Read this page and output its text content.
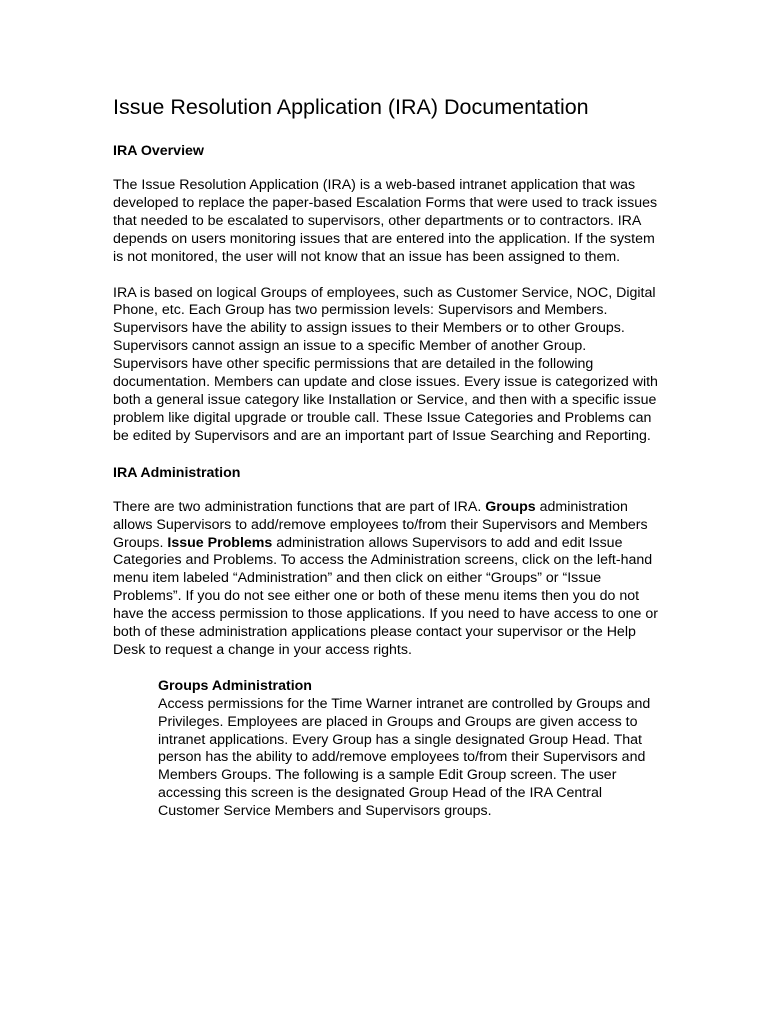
Issue Resolution Application (IRA) Documentation
IRA Overview

The Issue Resolution Application (IRA) is a web-based intranet application that was developed to replace the paper-based Escalation Forms that were used to track issues that needed to be escalated to supervisors, other departments or to contractors. IRA depends on users monitoring issues that are entered into the application. If the system is not monitored, the user will not know that an issue has been assigned to them.

IRA is based on logical Groups of employees, such as Customer Service, NOC, Digital Phone, etc. Each Group has two permission levels: Supervisors and Members. Supervisors have the ability to assign issues to their Members or to other Groups. Supervisors cannot assign an issue to a specific Member of another Group. Supervisors have other specific permissions that are detailed in the following documentation. Members can update and close issues. Every issue is categorized with both a general issue category like Installation or Service, and then with a specific issue problem like digital upgrade or trouble call. These Issue Categories and Problems can be edited by Supervisors and are an important part of Issue Searching and Reporting.

IRA Administration

There are two administration functions that are part of IRA. Groups administration allows Supervisors to add/remove employees to/from their Supervisors and Members Groups. Issue Problems administration allows Supervisors to add and edit Issue Categories and Problems. To access the Administration screens, click on the left-hand menu item labeled “Administration” and then click on either “Groups” or “Issue Problems”. If you do not see either one or both of these menu items then you do not have the access permission to those applications. If you need to have access to one or both of these administration applications please contact your supervisor or the Help Desk to request a change in your access rights.

Groups Administration

Access permissions for the Time Warner intranet are controlled by Groups and Privileges. Employees are placed in Groups and Groups are given access to intranet applications. Every Group has a single designated Group Head. That person has the ability to add/remove employees to/from their Supervisors and Members Groups. The following is a sample Edit Group screen. The user accessing this screen is the designated Group Head of the IRA Central Customer Service Members and Supervisors groups.
